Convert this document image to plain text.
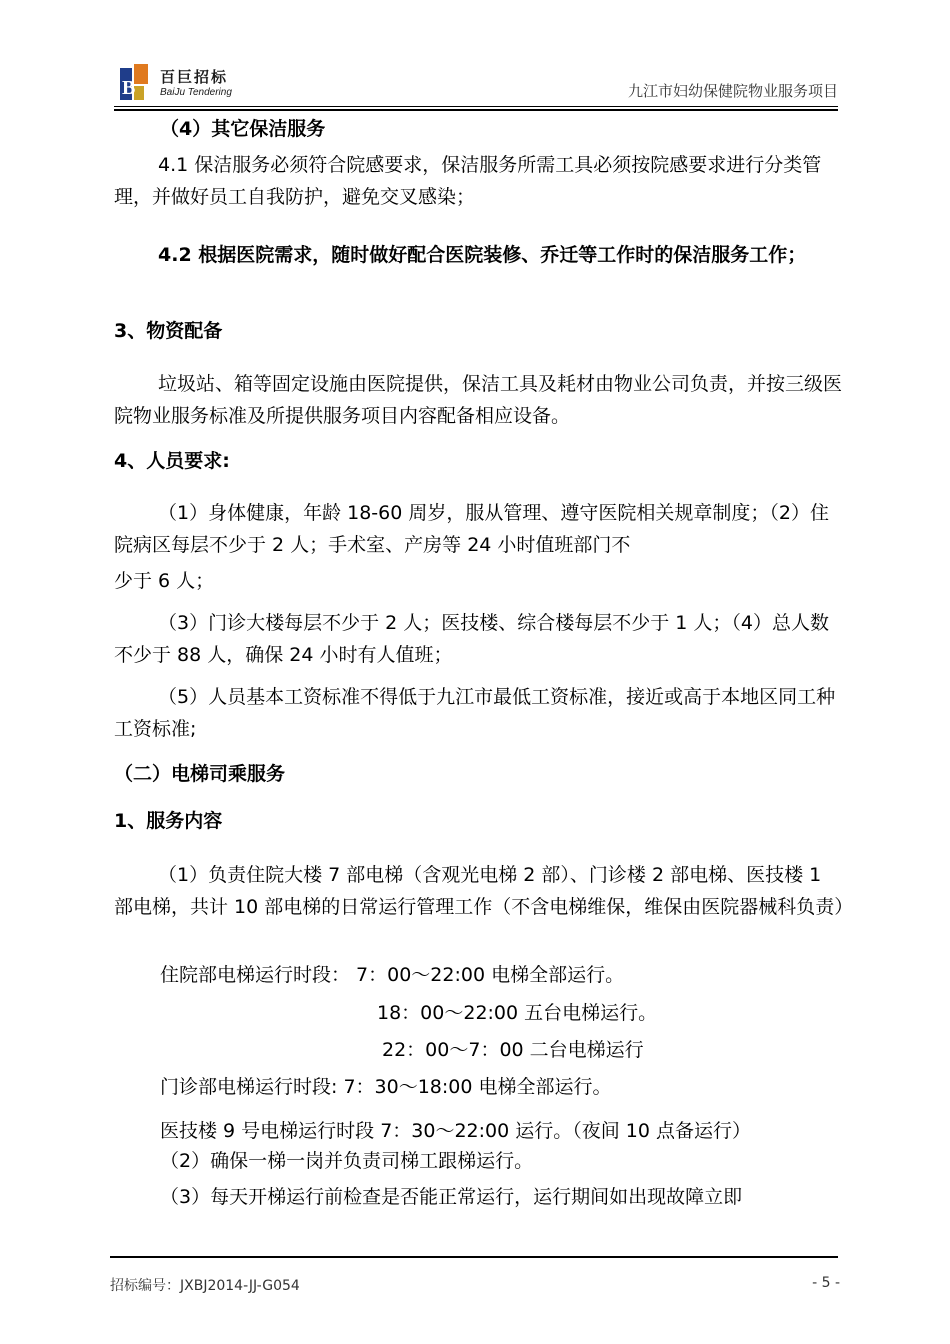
B 百巨招标
BaiJu Tendering	九江市妇幼保健院物业服务项目
（4）其它保洁服务
4.1 保洁服务必须符合院感要求，保洁服务所需工具必须按院感要求进行分类管理，并做好员工自我防护，避免交叉感染；
4.2 根据医院需求，随时做好配合医院装修、乔迁等工作时的保洁服务工作；
3、物资配备
垃圾站、箱等固定设施由医院提供，保洁工具及耗材由物业公司负责，并按三级医院物业服务标准及所提供服务项目内容配备相应设备。
4、人员要求:
（1）身体健康，年龄 18-60 周岁，服从管理、遵守医院相关规章制度；（2）住院病区每层不少于 2 人；手术室、产房等 24 小时值班部门不
少于 6 人；
（3）门诊大楼每层不少于 2 人；医技楼、综合楼每层不少于 1 人；（4）总人数不少于 88 人，确保 24 小时有人值班；
（5）人员基本工资标准不得低于九江市最低工资标准，接近或高于本地区同工种工资标准;
（二）电梯司乘服务
1、服务内容
（1）负责住院大楼 7 部电梯（含观光电梯 2 部）、门诊楼 2 部电梯、医技楼 1 部电梯，共计 10 部电梯的日常运行管理工作（不含电梯维保，维保由医院器械科负责）
住院部电梯运行时段： 7：00～22:00 电梯全部运行。
18：00～22:00 五台电梯运行。
22：00～7：00 二台电梯运行
门诊部电梯运行时段: 7：30～18:00 电梯全部运行。
医技楼 9 号电梯运行时段 7：30～22:00 运行。（夜间 10 点备运行）
（2）确保一梯一岗并负责司梯工跟梯运行。
（3）每天开梯运行前检查是否能正常运行，运行期间如出现故障立即
招标编号：JXBJ2014-JJ-G054	- 5 -
